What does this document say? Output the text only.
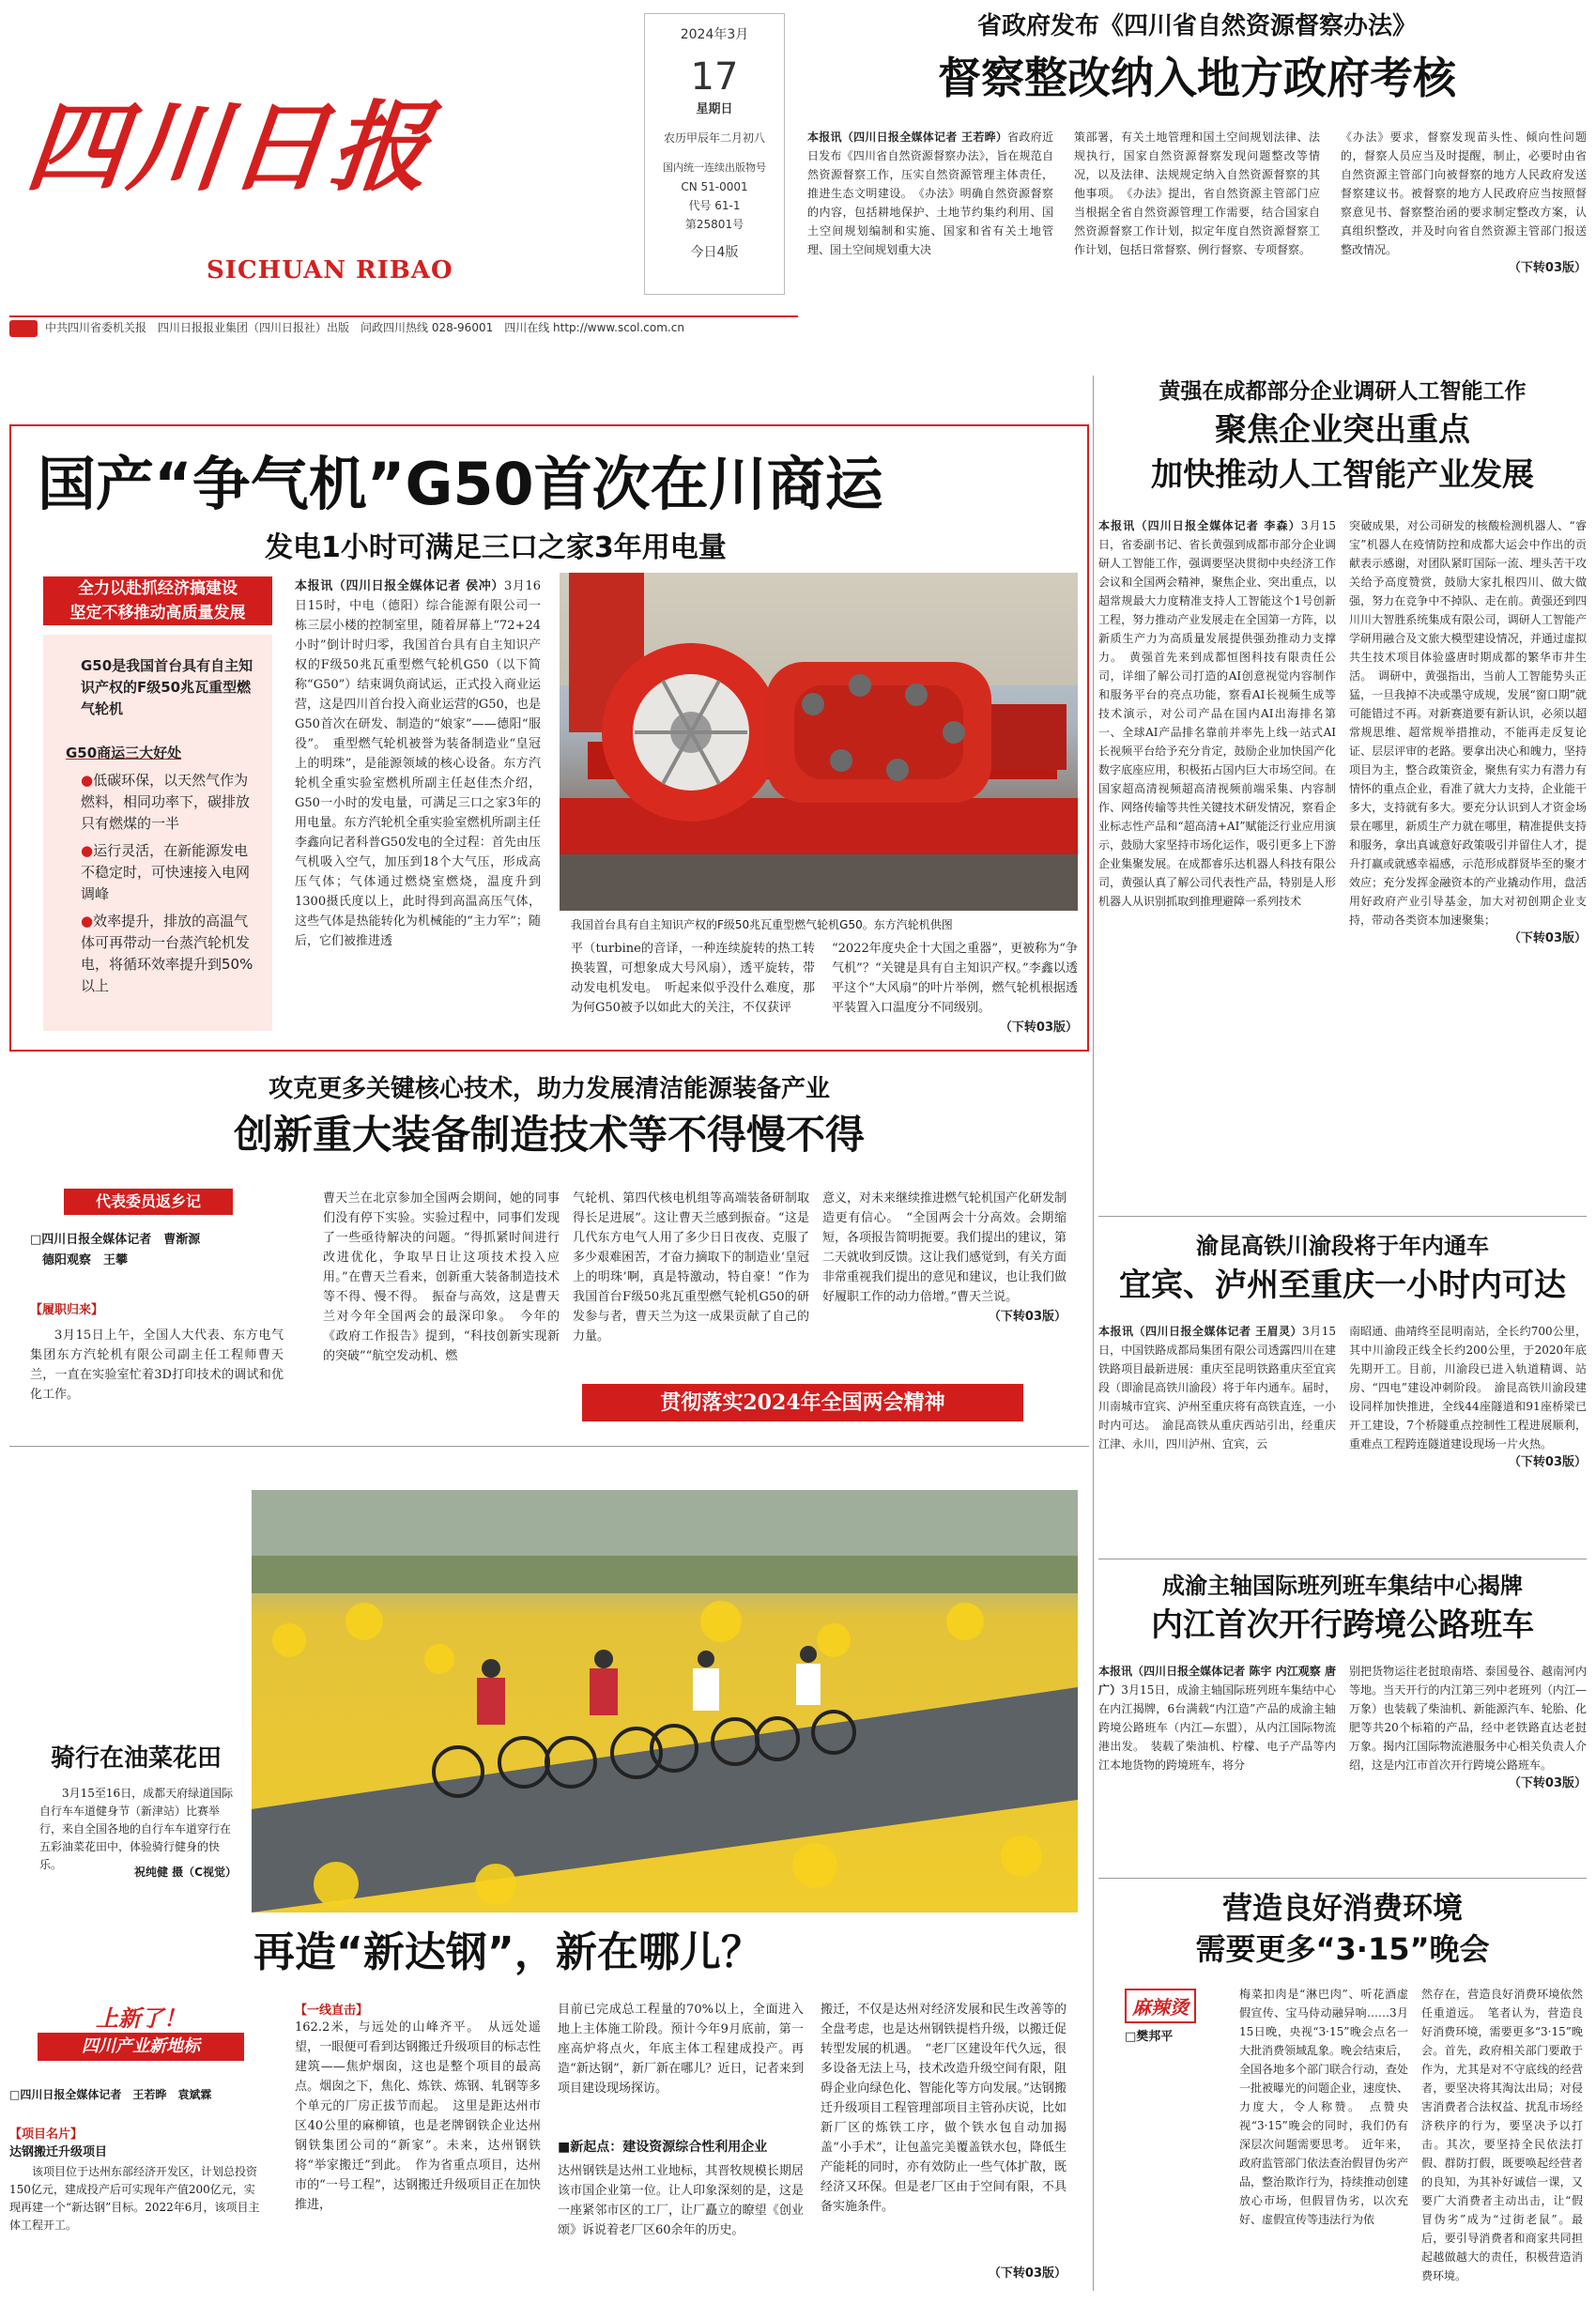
四川日报
SICHUAN RIBAO
2024年3月
17
星期日
农历甲辰年二月初八
国内统一连续出版物号
CN 51-0001
代号 61-1
第25801号
今日4版
省政府发布《四川省自然资源督察办法》
督察整改纳入地方政府考核
本报讯（四川日报全媒体记者 王若晔）省政府近日发布《四川省自然资源督察办法》，旨在规范自然资源督察工作，压实自然资源管理主体责任，推进生态文明建设。　《办法》明确自然资源督察的内容，包括耕地保护、土地节约集约利用、国土空间规划编制和实施、国家和省有关土地管理、国土空间规划重大决
策部署，有关土地管理和国土空间规划法律、法规执行，国家自然资源督察发现问题整改等情况，以及法律、法规规定纳入自然资源督察的其他事项。　《办法》提出，省自然资源主管部门应当根据全省自然资源管理工作需要，结合国家自然资源督察工作计划，拟定年度自然资源督察工作计划，包括日常督察、例行督察、专项督察。
《办法》要求，督察发现苗头性、倾向性问题的，督察人员应当及时提醒，制止，必要时由省自然资源主管部门向被督察的地方人民政府发送督察建议书。被督察的地方人民政府应当按照督察意见书、督察整治函的要求制定整改方案，认真组织整改，并及时向省自然资源主管部门报送整改情况。
（下转03版）
中共四川省委机关报　四川日报报业集团（四川日报社）出版　问政四川热线 028-96001　四川在线 http://www.scol.com.cn
国产“争气机”G50首次在川商运
发电1小时可满足三口之家3年用电量
全力以赴抓经济搞建设
坚定不移推动高质量发展
G50是我国首台具有自主知识产权的F级50兆瓦重型燃气轮机
G50商运三大好处
●低碳环保，以天然气作为燃料，相同功率下，碳排放只有燃煤的一半
●运行灵活，在新能源发电不稳定时，可快速接入电网调峰
●效率提升，排放的高温气体可再带动一台蒸汽轮机发电，将循环效率提升到50%以上
本报讯（四川日报全媒体记者 侯冲）3月16日15时，中电（德阳）综合能源有限公司一栋三层小楼的控制室里，随着屏幕上“72+24小时”倒计时归零，我国首台具有自主知识产权的F级50兆瓦重型燃气轮机G50（以下简称“G50”）结束调负商试运，正式投入商业运营，这是四川首台投入商业运营的G50，也是G50首次在研发、制造的“娘家”——德阳“服役”。　重型燃气轮机被誉为装备制造业“皇冠上的明珠”，是能源领域的核心设备。东方汽轮机全重实验室燃机所副主任赵佳杰介绍，G50一小时的发电量，可满足三口之家3年的用电量。东方汽轮机全重实验室燃机所副主任李鑫向记者科普G50发电的全过程：首先由压气机吸入空气，加压到18个大气压，形成高压气体；气体通过燃烧室燃烧，温度升到1300摄氏度以上，此时得到高温高压气体，这些气体是热能转化为机械能的“主力军”；随后，它们被推进透
我国首台具有自主知识产权的F级50兆瓦重型燃气轮机G50。东方汽轮机供图
平（turbine的音译，一种连续旋转的热工转换装置，可想象成大号风扇），透平旋转，带动发电机发电。　听起来似乎没什么难度，那为何G50被予以如此大的关注，不仅获评
“2022年度央企十大国之重器”，更被称为“争气机”？“关键是具有自主知识产权。”李鑫以透平这个“大风扇”的叶片举例，燃气轮机根据透平装置入口温度分不同级别。
（下转03版）
黄强在成都部分企业调研人工智能工作
聚焦企业突出重点
加快推动人工智能产业发展
本报讯（四川日报全媒体记者 李森）3月15日，省委副书记、省长黄强到成都市部分企业调研人工智能工作，强调要坚决贯彻中央经济工作会议和全国两会精神，聚焦企业、突出重点，以超常规最大力度精准支持人工智能这个1号创新工程，努力推动产业发展走在全国第一方阵，以新质生产力为高质量发展提供强劲推动力支撑力。　黄强首先来到成都恒图科技有限责任公司，详细了解公司打造的AI创意视觉内容制作和服务平台的亮点功能，察看AI长视频生成等技术演示，对公司产品在国内AI出海排名第一、全球AI产品排名靠前并率先上线一站式AI长视频平台给予充分肯定，鼓励企业加快国产化数字底座应用，积极拓占国内巨大市场空间。在国家超高清视频超高清视频前端采集、内容制作、网络传输等共性关键技术研发情况，察看企业标志性产品和“超高清+AI”赋能泛行业应用演示，鼓励大家坚持市场化运作，吸引更多上下游企业集聚发展。在成都睿乐达机器人科技有限公司，黄强认真了解公司代表性产品，特别是人形机器人从识别抓取到推理避障一系列技术
突破成果，对公司研发的核酸检测机器人、“睿宝”机器人在疫情防控和成都大运会中作出的贡献表示感谢，对团队紧盯国际一流、埋头苦干攻关给予高度赞赏，鼓励大家扎根四川、做大做强，努力在竞争中不掉队、走在前。黄强还到四川川大智胜系统集成有限公司，调研人工智能产学研用融合及文旅大模型建设情况，并通过虚拟共生技术项目体验盛唐时期成都的繁华市井生活。　调研中，黄强指出，当前人工智能势头正猛，一旦我掉不决或墨守成规，发展“窗口期”就可能错过不再。对新赛道要有新认识，必须以超常规思维、超常规举措推动，不能再走反复论证、层层评审的老路。要拿出决心和魄力，坚持项目为主，整合政策资金，聚焦有实力有潜力有情怀的重点企业，看准了就大力支持，企业能干多大，支持就有多大。要充分认识到人才资金场景在哪里，新质生产力就在哪里，精准提供支持和服务，拿出真诚意好政策吸引并留住人才，提升打赢或就感幸福感，示范形成群贤毕至的聚才效应；充分发挥金融资本的产业撬动作用，盘活用好政府产业引导基金，加大对初创期企业支持，带动各类资本加速聚集；
（下转03版）
攻克更多关键核心技术，助力发展清洁能源装备产业
创新重大装备制造技术等不得慢不得
代表委员返乡记
□四川日报全媒体记者　曹渐源
　德阳观察　王攀
【履职归来】
3月15日上午，全国人大代表、东方电气集团东方汽轮机有限公司副主任工程师曹天兰，一直在实验室忙着3D打印技术的调试和优化工作。
曹天兰在北京参加全国两会期间，她的同事们没有停下实验。实验过程中，同事们发现了一些亟待解决的问题。“得抓紧时间进行改进优化，争取早日让这项技术投入应用。”在曹天兰看来，创新重大装备制造技术等不得、慢不得。　振奋与高效，这是曹天兰对今年全国两会的最深印象。　今年的《政府工作报告》提到，“科技创新实现新的突破”“航空发动机、燃
气轮机、第四代核电机组等高端装备研制取得长足进展”。这让曹天兰感到振奋。“这是几代东方电气人用了多少日日夜夜、克服了多少艰难困苦，才奋力摘取下的制造业‘皇冠上的明珠’啊，真是特激动，特自豪！”作为我国首台F级50兆瓦重型燃气轮机G50的研发参与者，曹天兰为这一成果贡献了自己的力量。
意义，对未来继续推进燃气轮机国产化研发制造更有信心。　“全国两会十分高效。会期缩短，各项报告简明扼要。我们提出的建议，第二天就收到反馈。这让我们感觉到，有关方面非常重视我们提出的意见和建议，也让我们做好履职工作的动力倍增。”曹天兰说。
（下转03版）
贯彻落实2024年全国两会精神
渝昆高铁川渝段将于年内通车
宜宾、泸州至重庆一小时内可达
本报讯（四川日报全媒体记者 王眉灵）3月15日，中国铁路成都局集团有限公司透露四川在建铁路项目最新进展：重庆至昆明铁路重庆至宜宾段（即渝昆高铁川渝段）将于年内通车。届时，川南城市宜宾、泸州至重庆将有高铁直连，一小时内可达。　渝昆高铁从重庆西站引出，经重庆江津、永川，四川泸州、宜宾，云
南昭通、曲靖终至昆明南站，全长约700公里，其中川渝段正线全长约200公里，于2020年底先期开工。目前，川渝段已进入轨道精调、站房、“四电”建设冲刺阶段。　渝昆高铁川渝段建设同样加快推进，全线44座隧道和91座桥梁已开工建设，7个桥隧重点控制性工程进展顺利，重难点工程跨连隧道建设现场一片火热。
（下转03版）
骑行在油菜花田
3月15至16日，成都天府绿道国际自行车车道健身节（新津站）比赛举行，来自全国各地的自行车车道穿行在五彩油菜花田中，体验骑行健身的快乐。
祝纯健 摄（C视觉）
成渝主轴国际班列班车集结中心揭牌
内江首次开行跨境公路班车
本报讯（四川日报全媒体记者 陈宇 内江观察 唐广）3月15日，成渝主轴国际班列班车集结中心在内江揭牌，6台满载“内江造”产品的成渝主轴跨境公路班车（内江—东盟），从内江国际物流港出发。　装载了柴油机、柠檬、电子产品等内江本地货物的跨境班车，将分
别把货物运往老挝琅南塔、泰国曼谷、越南河内等地。当天开行的内江第三列中老班列（内江—万象）也装载了柴油机、新能源汽车、轮胎、化肥等共20个标箱的产品，经中老铁路直达老挝万象。揭内江国际物流港服务中心相关负责人介绍，这是内江市首次开行跨境公路班车。
（下转03版）
再造“新达钢”，新在哪儿？
上新了！
四川产业新地标
□四川日报全媒体记者　王若晔　袁斌霖
【项目名片】
达钢搬迁升级项目
该项目位于达州东部经济开发区，计划总投资150亿元，建成投产后可实现年产值200亿元，实现再建一个“新达钢”目标。2022年6月，该项目主体工程开工。
【一线直击】
162.2米，与远处的山峰齐平。　从远处遥望，一眼便可看到达钢搬迁升级项目的标志性建筑——焦炉烟囱，这也是整个项目的最高点。烟囱之下，焦化、炼铁、炼钢、轧钢等多个单元的厂房正拔节而起。　这里是距达州市区40公里的麻柳镇，也是老牌钢铁企业达州钢铁集团公司的“新家”。未来，达州钢铁将“举家搬迁”到此。　作为省重点项目，达州市的“一号工程”，达钢搬迁升级项目正在加快推进，
目前已完成总工程量的70%以上，全面进入地上主体施工阶段。预计今年9月底前，第一座高炉将点火，年底主体工程建成投产。再造“新达钢”，新厂新在哪儿？近日，记者来到项目建设现场探访。
■新起点：建设资源综合性利用企业
达州钢铁是达州工业地标，其晋牧规模长期居该市国企业第一位。让人印象深刻的是，这是一座紧邻市区的工厂，让厂矗立的瞭望《创业颂》诉说着老厂区60余年的历史。
搬迁，不仅是达州对经济发展和民生改善等的全盘考虑，也是达州钢铁提档升级，以搬迁促转型发展的机遇。　“老厂区建设年代久远，很多设备无法上马，技术改造升级空间有限，阻碍企业向绿色化、智能化等方向发展。”达钢搬迁升级项目工程管理部项目主管孙庆说，比如新厂区的炼铁工序，做个铁水包自动加揭盖“小手术”，让包盖完美覆盖铁水包，降低生产能耗的同时，亦有效防止一些气体扩散，既经济又环保。但是老厂区由于空间有限，不具备实施条件。
（下转03版）
营造良好消费环境
需要更多“3·15”晚会
麻辣烫
□樊邦平
梅菜扣肉是“淋巴肉”、听花酒虚假宣传、宝马侍动融异响……3月15日晚，央视“3·15”晚会点名一大批消费领域乱象。晚会结束后，全国各地多个部门联合行动，查处一批被曝光的问题企业，速度快、力度大，令人称赞。　点赞央视“3·15”晚会的同时，我们仍有深层次问题需要思考。　近年来，政府监管部门依法查治假冒伪劣产品，整治欺诈行为，持续推动创建放心市场，但假冒伪劣，以次充好、虚假宣传等违法行为依
然存在，营造良好消费环境依然任重道远。　笔者认为，营造良好消费环境，需要更多“3·15”晚会。首先，政府相关部门要敢于作为，尤其是对不守底线的经营者，要坚决将其淘汰出局；对侵害消费者合法权益、扰乱市场经济秩序的行为，要坚决予以打击。其次，要坚持全民依法打假、群防打假，既要唤起经营者的良知，为其补好诚信一课，又要广大消费者主动出击，让“假冒伪劣”成为“过街老鼠”。最后，要引导消费者和商家共同担起越做越大的责任，积极营造消费环境。
